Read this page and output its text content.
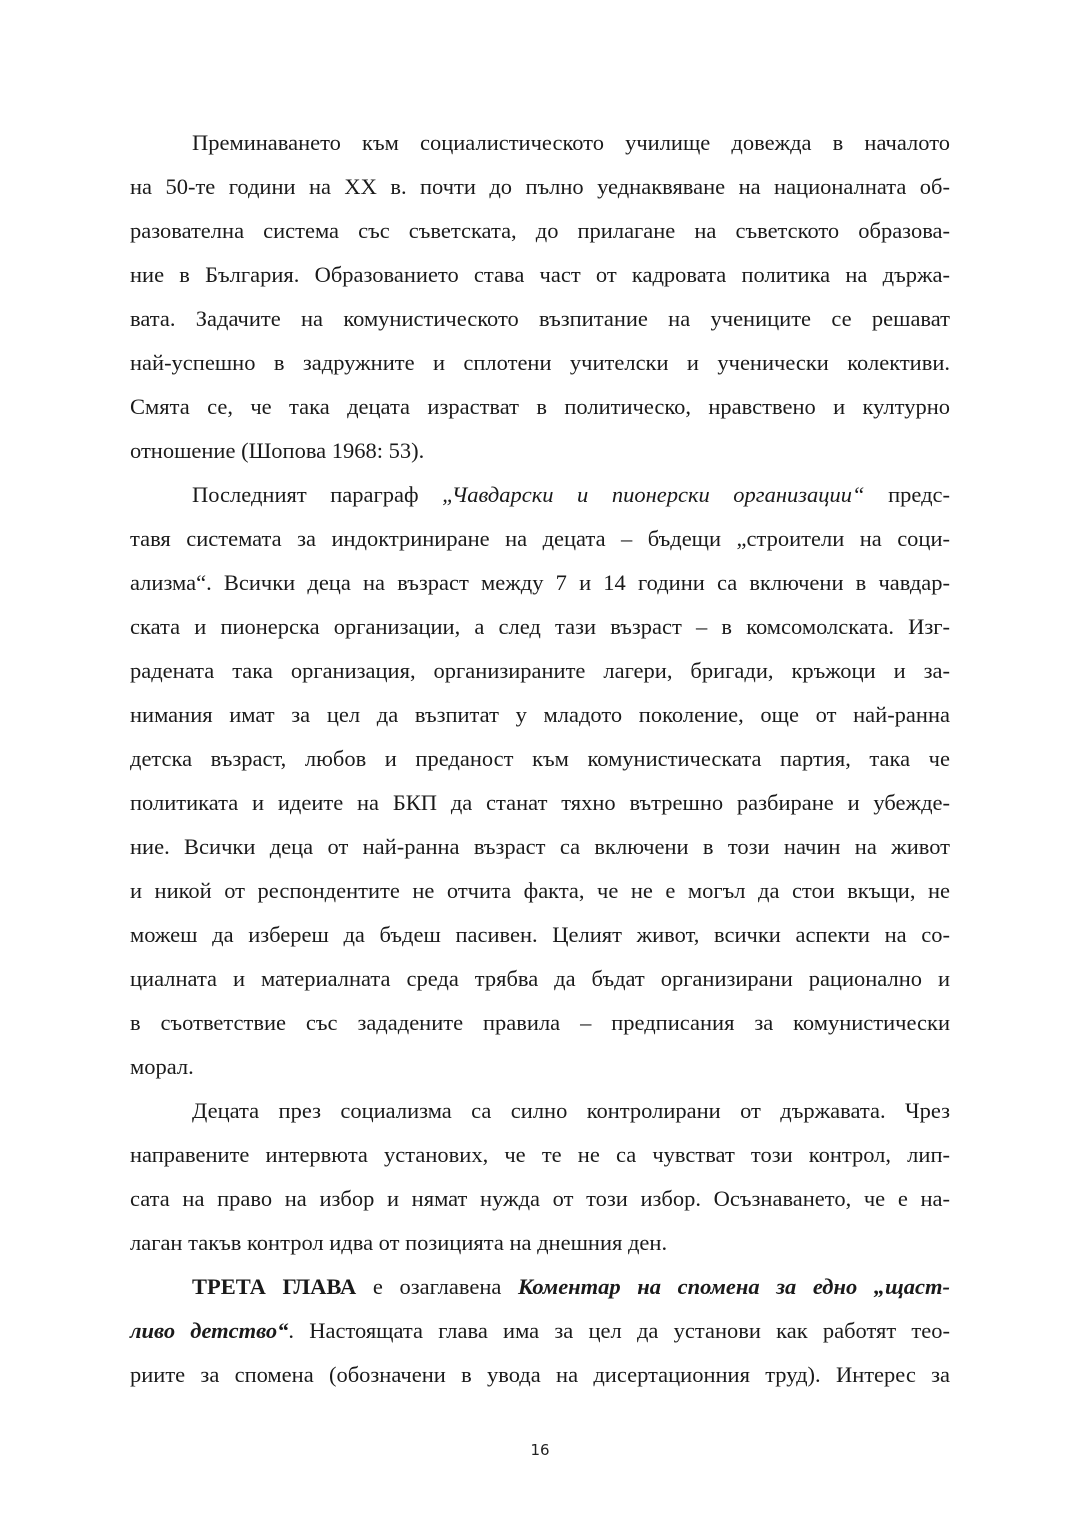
Преминаването към социалистическото училище довежда в началото
на 50-те години на XX в. почти до пълно уеднаквяване на националната об-
разователна система със съветската, до прилагане на съветското образова-
ние в България. Образованието става част от кадровата политика на държа-
вата. Задачите на комунистическото възпитание на учениците се решават
най-успешно в задружните и сплотени учителски и ученически колективи.
Смята се, че така децата израстват в политическо, нравствено и културно
отношение (Шопова 1968: 53).
Последният параграф „Чавдарски и пионерски организации“ предс-
тавя системата за индоктриниране на децата – бъдещи „строители на соци-
ализма“. Всички деца на възраст между 7 и 14 години са включени в чавдар-
ската и пионерска организации, а след тази възраст – в комсомолската. Изг-
радената така организация, организираните лагери, бригади, кръжоци и за-
нимания имат за цел да възпитат у младото поколение, още от най-ранна
детска възраст, любов и преданост към комунистическата партия, така че
политиката и идеите на БКП да станат тяхно вътрешно разбиране и убежде-
ние. Всички деца от най-ранна възраст са включени в този начин на живот
и никой от респондентите не отчита факта, че не е могъл да стои вкъщи, не
можеш да избереш да бъдеш пасивен. Целият живот, всички аспекти на со-
циалната и материалната среда трябва да бъдат организирани рационално и
в съответствие със зададените правила – предписания за комунистически
морал.
Децата през социализма са силно контролирани от държавата. Чрез
направените интервюта установих, че те не са чувстват този контрол, лип-
сата на право на избор и нямат нужда от този избор. Осъзнаването, че е на-
лаган такъв контрол идва от позицията на днешния ден.
ТРЕТА ГЛАВА е озаглавена Коментар на спомена за едно „щаст-
ливо детство“. Настоящата глава има за цел да установи как работят тео-
риите за спомена (обозначени в увода на дисертационния труд). Интерес за
16
